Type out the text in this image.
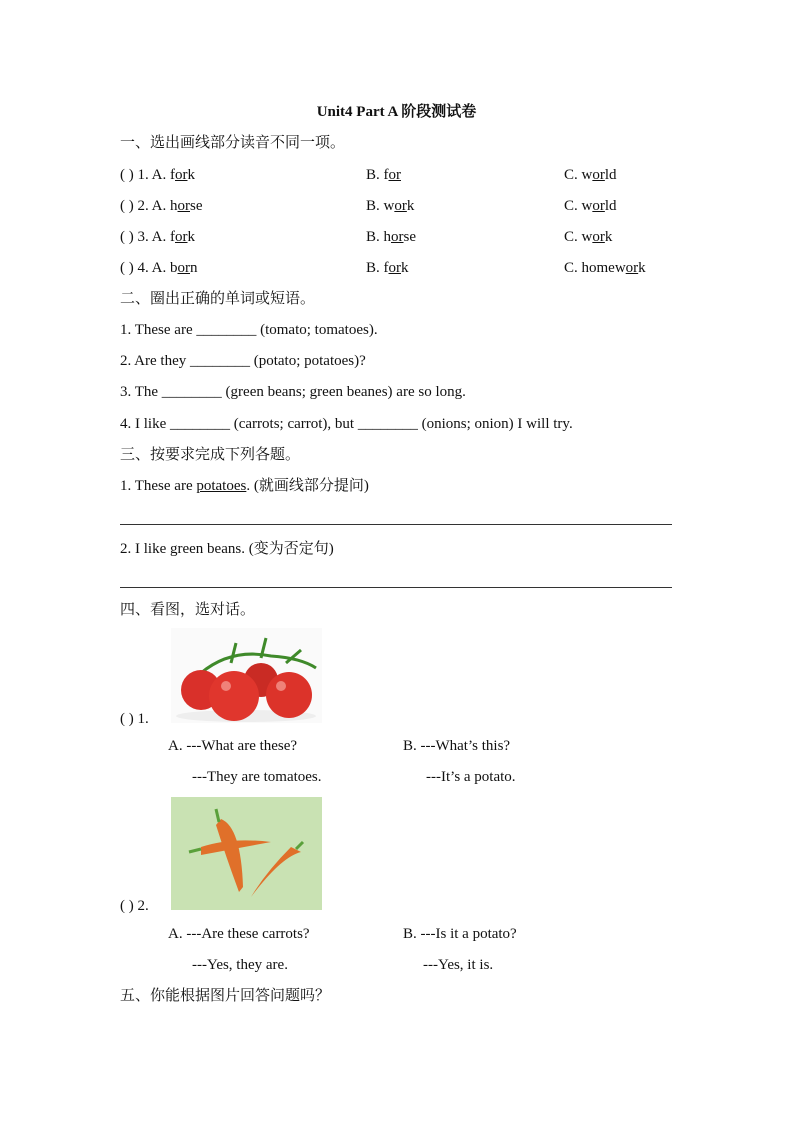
Unit4 Part A 阶段测试卷
一、选出画线部分读音不同一项。
( ) 1. A. fork	B. for	C. world
( ) 2. A. horse	B. work	C. world
( ) 3. A. fork	B. horse	C. work
( ) 4. A. born	B. fork	C. homework
二、圈出正确的单词或短语。
1. These are ________ (tomato; tomatoes).
2. Are they ________ (potato; potatoes)?
3. The ________ (green beans; green beanes) are so long.
4. I like ________ (carrots; carrot), but ________ (onions; onion) I will try.
三、按要求完成下列各题。
1. These are potatoes. (就画线部分提问)
2. I like green beans. (变为否定句)
四、看图，选对话。
( ) 1.
A. ---What are these?
---They are tomatoes.
B. ---What’s this?
---It’s a potato.
( ) 2.
A. ---Are these carrots?
---Yes, they are.
B. ---Is it a potato?
---Yes, it is.
五、你能根据图片回答问题吗？
